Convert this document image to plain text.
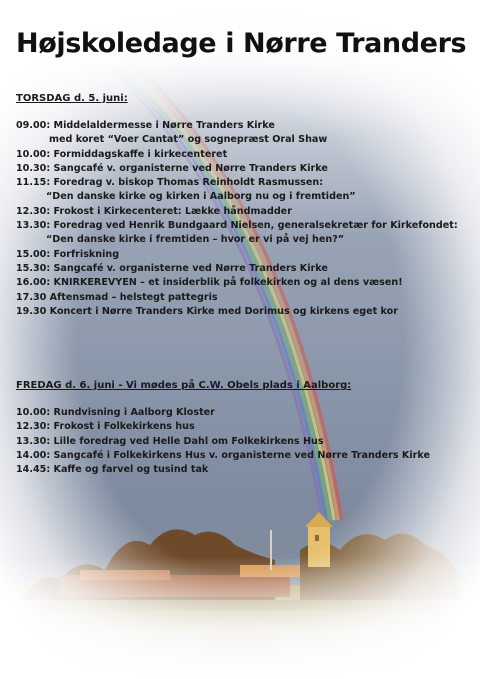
Højskoledage i Nørre Tranders

TORSDAG d. 5. juni:

09.00: Middelaldermesse i Nørre Tranders Kirke
med koret “Voer Cantat” og sognepræst Oral Shaw
10.00: Formiddagskaffe i kirkecenteret
10.30: Sangcafé v. organisterne ved Nørre Tranders Kirke
11.15: Foredrag v. biskop Thomas Reinholdt Rasmussen:
“Den danske kirke og kirken i Aalborg nu og i fremtiden”
12.30: Frokost i Kirkecenteret: Lække håndmadder
13.30: Foredrag ved Henrik Bundgaard Nielsen, generalsekretær for Kirkefondet:
“Den danske kirke i fremtiden – hvor er vi på vej hen?”
15.00: Forfriskning
15.30: Sangcafé v. organisterne ved Nørre Tranders Kirke
16.00: KNIRKEREVYEN – et insiderblik på folkekirken og al dens væsen!
17.30 Aftensmad – helstegt pattegris
19.30 Koncert i Nørre Tranders Kirke med Dorimus og kirkens eget kor

FREDAG d. 6. juni - Vi mødes på C.W. Obels plads i Aalborg:

10.00: Rundvisning i Aalborg Kloster
12.30: Frokost i Folkekirkens hus
13.30: Lille foredrag ved Helle Dahl om Folkekirkens Hus
14.00: Sangcafé i Folkekirkens Hus v. organisterne ved Nørre Tranders Kirke
14.45: Kaffe og farvel og tusind tak
